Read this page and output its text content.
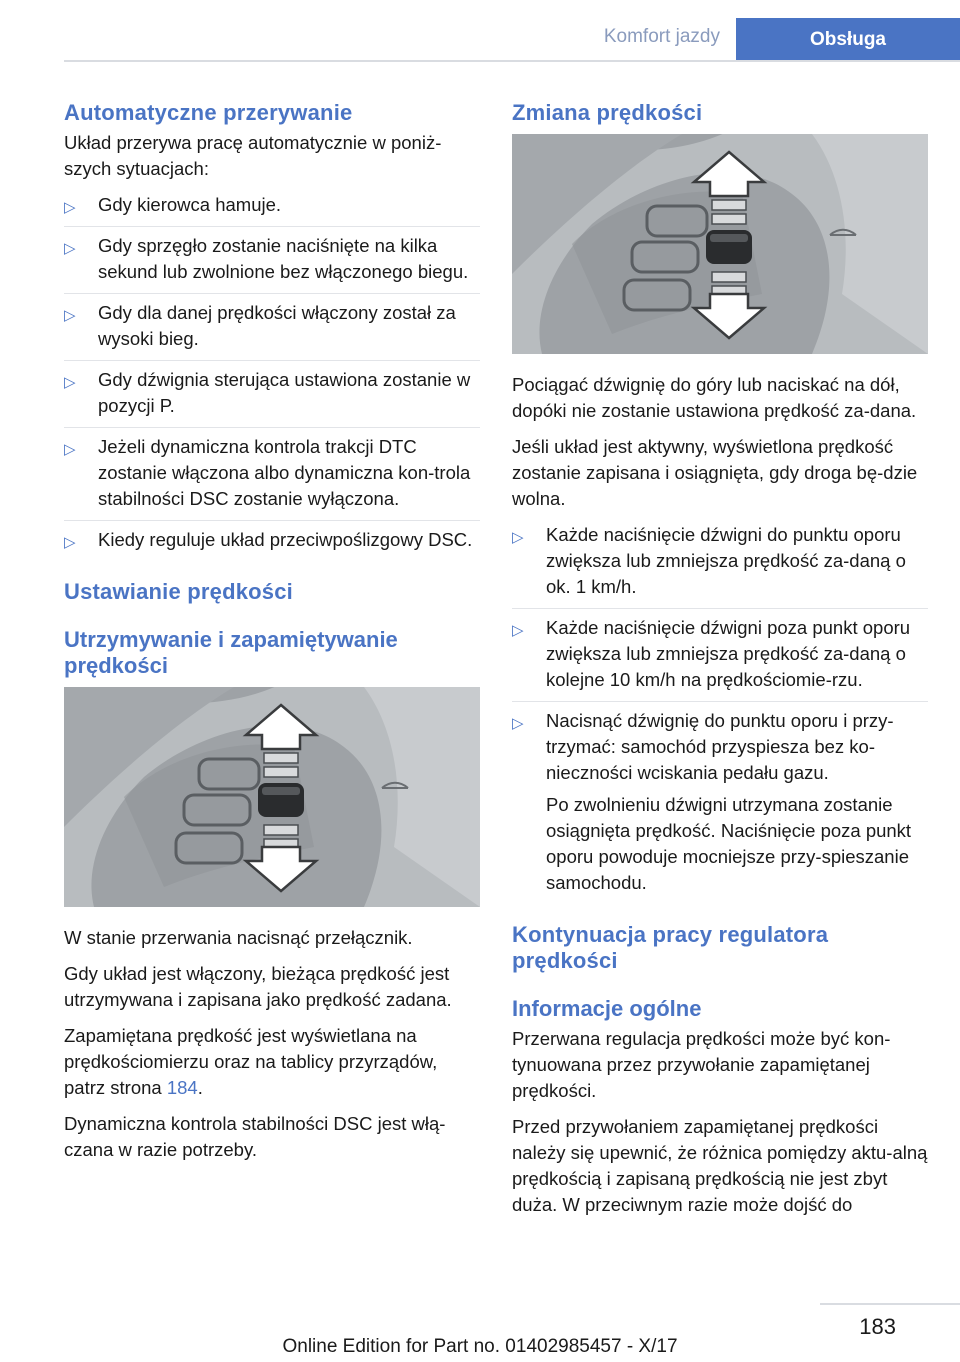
Komfort jazdy	Obsługa
Automatyczne przerywanie

Układ przerywa pracę automatycznie w poniż‐szych sytuacjach:

▷ Gdy kierowca hamuje.
▷ Gdy sprzęgło zostanie naciśnięte na kilka sekund lub zwolnione bez włączonego biegu.
▷ Gdy dla danej prędkości włączony został za wysoki bieg.
▷ Gdy dźwignia sterująca ustawiona zostanie w pozycji P.
▷ Jeżeli dynamiczna kontrola trakcji DTC zostanie włączona albo dynamiczna kon‐trola stabilności DSC zostanie wyłączona.
▷ Kiedy reguluje układ przeciwpoślizgowy DSC.
Ustawianie prędkości
Utrzymywanie i zapamiętywanie prędkości

W stanie przerwania nacisnąć przełącznik.

Gdy układ jest włączony, bieżąca prędkość jest utrzymywana i zapisana jako prędkość zadana.

Zapamiętana prędkość jest wyświetlana na prędkościomierzu oraz na tablicy przyrządów, patrz strona 184.

Dynamiczna kontrola stabilności DSC jest włą‐czana w razie potrzeby.

Zmiana prędkości

Pociągać dźwignię do góry lub naciskać na dół, dopóki nie zostanie ustawiona prędkość za‐dana.

Jeśli układ jest aktywny, wyświetlona prędkość zostanie zapisana i osiągnięta, gdy droga bę‐dzie wolna.

▷ Każde naciśnięcie dźwigni do punktu oporu zwiększa lub zmniejsza prędkość za‐daną o ok. 1 km/h.
▷ Każde naciśnięcie dźwigni poza punkt oporu zwiększa lub zmniejsza prędkość za‐daną o kolejne 10 km/h na prędkościomie‐rzu.
▷ Nacisnąć dźwignię do punktu oporu i przy‐trzymać: samochód przyspiesza bez ko‐nieczności wciskania pedału gazu.
Po zwolnieniu dźwigni utrzymana zostanie osiągnięta prędkość. Naciśnięcie poza punkt oporu powoduje mocniejsze przy‐spieszanie samochodu.
Kontynuacja pracy regulatora prędkości
Informacje ogólne

Przerwana regulacja prędkości może być kon‐tynuowana przez przywołanie zapamiętanej prędkości.

Przed przywołaniem zapamiętanej prędkości należy się upewnić, że różnica pomiędzy aktu‐alną prędkością i zapisaną prędkością nie jest zbyt duża. W przeciwnym razie może dojść do

183
Online Edition for Part no. 01402985457 - X/17
